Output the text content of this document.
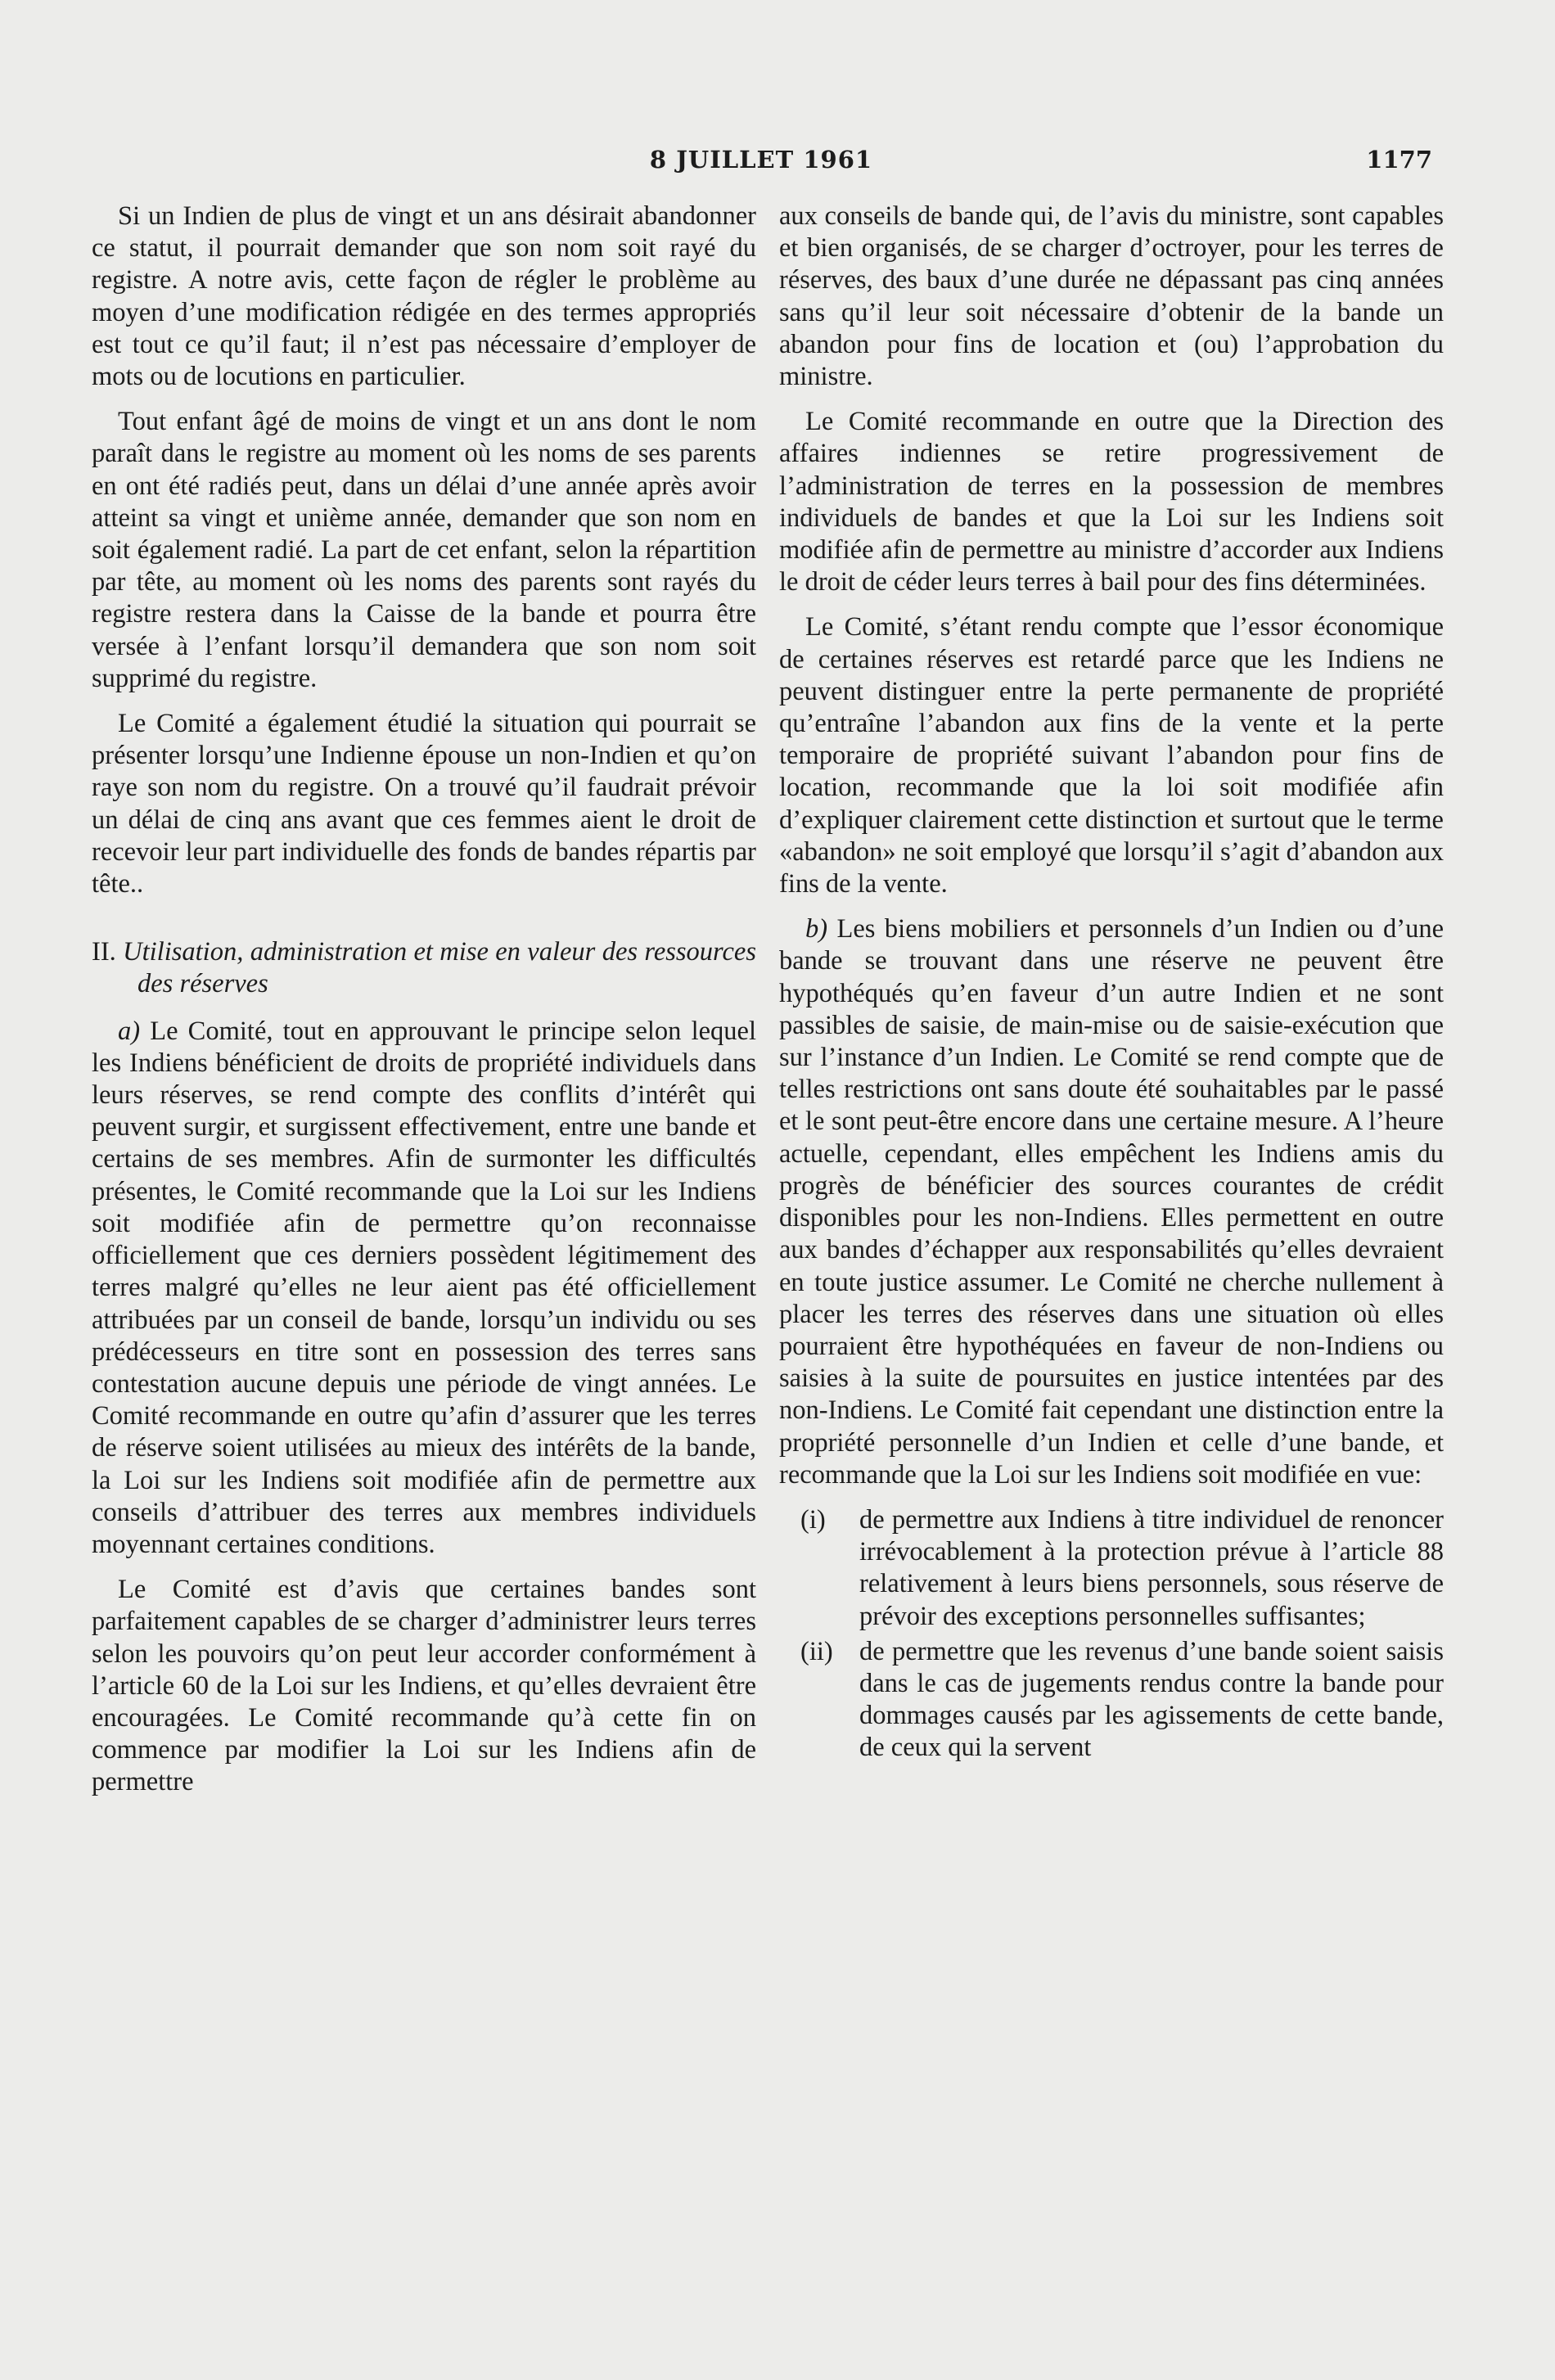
8 JUILLET 1961	1177

Si un Indien de plus de vingt et un ans désirait abandonner ce statut, il pourrait demander que son nom soit rayé du registre. A notre avis, cette façon de régler le problème au moyen d’une modification rédigée en des termes appropriés est tout ce qu’il faut; il n’est pas nécessaire d’employer de mots ou de locutions en particulier.

Tout enfant âgé de moins de vingt et un ans dont le nom paraît dans le registre au moment où les noms de ses parents en ont été radiés peut, dans un délai d’une année après avoir atteint sa vingt et unième année, demander que son nom en soit également radié. La part de cet enfant, selon la répartition par tête, au moment où les noms des parents sont rayés du registre restera dans la Caisse de la bande et pourra être versée à l’enfant lorsqu’il demandera que son nom soit supprimé du registre.

Le Comité a également étudié la situation qui pourrait se présenter lorsqu’une Indienne épouse un non-Indien et qu’on raye son nom du registre. On a trouvé qu’il faudrait prévoir un délai de cinq ans avant que ces femmes aient le droit de recevoir leur part individuelle des fonds de bandes répartis par tête..

II. Utilisation, administration et mise en valeur des ressources des réserves

a) Le Comité, tout en approuvant le principe selon lequel les Indiens bénéficient de droits de propriété individuels dans leurs réserves, se rend compte des conflits d’intérêt qui peuvent surgir, et surgissent effectivement, entre une bande et certains de ses membres. Afin de surmonter les difficultés présentes, le Comité recommande que la Loi sur les Indiens soit modifiée afin de permettre qu’on reconnaisse officiellement que ces derniers possèdent légitimement des terres malgré qu’elles ne leur aient pas été officiellement attribuées par un conseil de bande, lorsqu’un individu ou ses prédécesseurs en titre sont en possession des terres sans contestation aucune depuis une période de vingt années. Le Comité recommande en outre qu’afin d’assurer que les terres de réserve soient utilisées au mieux des intérêts de la bande, la Loi sur les Indiens soit modifiée afin de permettre aux conseils d’attribuer des terres aux membres individuels moyennant certaines conditions.

Le Comité est d’avis que certaines bandes sont parfaitement capables de se charger d’administrer leurs terres selon les pouvoirs qu’on peut leur accorder conformément à l’article 60 de la Loi sur les Indiens, et qu’elles devraient être encouragées. Le Comité recommande qu’à cette fin on commence par modifier la Loi sur les Indiens afin de permettre

aux conseils de bande qui, de l’avis du ministre, sont capables et bien organisés, de se charger d’octroyer, pour les terres de réserves, des baux d’une durée ne dépassant pas cinq années sans qu’il leur soit nécessaire d’obtenir de la bande un abandon pour fins de location et (ou) l’approbation du ministre.

Le Comité recommande en outre que la Direction des affaires indiennes se retire progressivement de l’administration de terres en la possession de membres individuels de bandes et que la Loi sur les Indiens soit modifiée afin de permettre au ministre d’accorder aux Indiens le droit de céder leurs terres à bail pour des fins déterminées.

Le Comité, s’étant rendu compte que l’essor économique de certaines réserves est retardé parce que les Indiens ne peuvent distinguer entre la perte permanente de propriété qu’entraîne l’abandon aux fins de la vente et la perte temporaire de propriété suivant l’abandon pour fins de location, recommande que la loi soit modifiée afin d’expliquer clairement cette distinction et surtout que le terme «abandon» ne soit employé que lorsqu’il s’agit d’abandon aux fins de la vente.

b) Les biens mobiliers et personnels d’un Indien ou d’une bande se trouvant dans une réserve ne peuvent être hypothéqués qu’en faveur d’un autre Indien et ne sont passibles de saisie, de main-mise ou de saisie-exécution que sur l’instance d’un Indien. Le Comité se rend compte que de telles restrictions ont sans doute été souhaitables par le passé et le sont peut-être encore dans une certaine mesure. A l’heure actuelle, cependant, elles empêchent les Indiens amis du progrès de bénéficier des sources courantes de crédit disponibles pour les non-Indiens. Elles permettent en outre aux bandes d’échapper aux responsabilités qu’elles devraient en toute justice assumer. Le Comité ne cherche nullement à placer les terres des réserves dans une situation où elles pourraient être hypothéquées en faveur de non-Indiens ou saisies à la suite de poursuites en justice intentées par des non-Indiens. Le Comité fait cependant une distinction entre la propriété personnelle d’un Indien et celle d’une bande, et recommande que la Loi sur les Indiens soit modifiée en vue:

(i)	de permettre aux Indiens à titre individuel de renoncer irrévocablement à la protection prévue à l’article 88 relativement à leurs biens personnels, sous réserve de prévoir des exceptions personnelles suffisantes;
(ii) de permettre que les revenus d’une bande soient saisis dans le cas de jugements rendus contre la bande pour dommages causés par les agissements de cette bande, de ceux qui la servent
